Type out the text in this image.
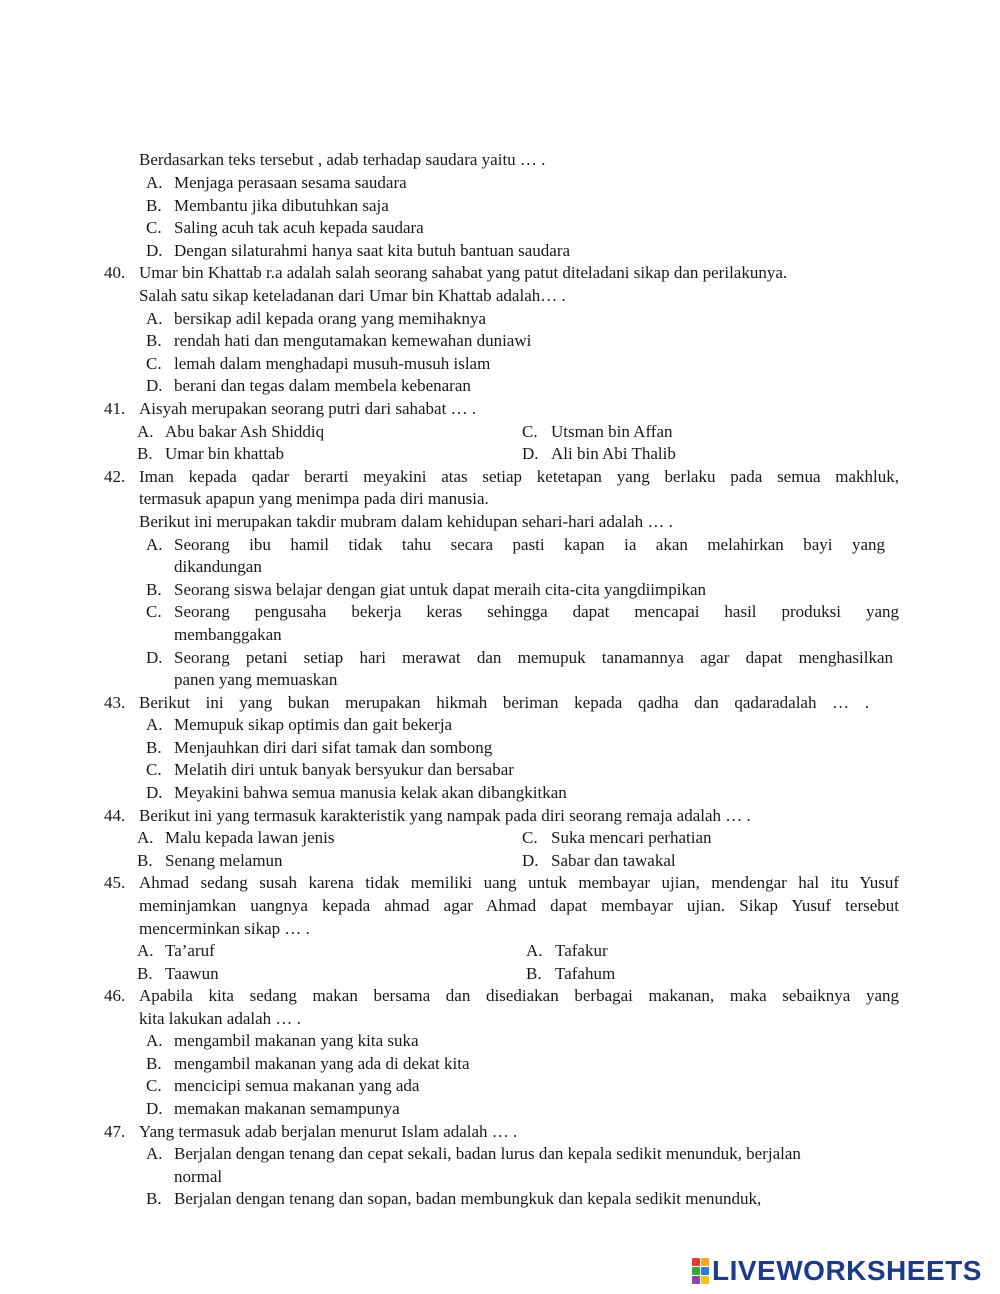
Berdasarkan teks tersebut , adab terhadap saudara yaitu … .
A. Menjaga perasaan sesama saudara
B. Membantu jika dibutuhkan saja
C. Saling acuh tak acuh kepada saudara
D. Dengan silaturahmi hanya saat kita butuh bantuan saudara
40. Umar bin Khattab r.a adalah salah seorang sahabat yang patut diteladani sikap dan perilakunya.
Salah satu sikap keteladanan dari Umar bin Khattab adalah… .
A. bersikap adil kepada orang yang memihaknya
B. rendah hati dan mengutamakan kemewahan duniawi
C. lemah dalam menghadapi musuh-musuh islam
D. berani dan tegas dalam membela kebenaran
41. Aisyah merupakan seorang putri dari sahabat … .
A. Abu bakar Ash Shiddiq	C. Utsman bin Affan
B. Umar bin khattab	D. Ali bin Abi Thalib
42. Iman kepada qadar berarti meyakini atas setiap ketetapan yang berlaku pada semua makhluk,
termasuk apapun yang menimpa pada diri manusia.
Berikut ini merupakan takdir mubram dalam kehidupan sehari-hari adalah … .
A. Seorang ibu hamil tidak tahu secara pasti kapan ia akan melahirkan bayi yang
dikandungan
B. Seorang siswa belajar dengan giat untuk dapat meraih cita-cita yangdiimpikan
C. Seorang pengusaha bekerja keras sehingga dapat mencapai hasil produksi yang
membanggakan
D. Seorang petani setiap hari merawat dan memupuk tanamannya agar dapat menghasilkan
panen yang memuaskan
43. Berikut ini yang bukan merupakan hikmah beriman kepada qadha dan qadaradalah … .
A. Memupuk sikap optimis dan gait bekerja
B. Menjauhkan diri dari sifat tamak dan sombong
C. Melatih diri untuk banyak bersyukur dan bersabar
D. Meyakini bahwa semua manusia kelak akan dibangkitkan
44. Berikut ini yang termasuk karakteristik yang nampak pada diri seorang remaja adalah … .
A. Malu kepada lawan jenis	C. Suka mencari perhatian
B. Senang melamun	D. Sabar dan tawakal
45. Ahmad sedang susah karena tidak memiliki uang untuk membayar ujian, mendengar hal itu Yusuf
meminjamkan uangnya kepada ahmad agar Ahmad dapat membayar ujian. Sikap Yusuf tersebut
mencerminkan sikap … .
A. Ta’aruf	A. Tafakur
B. Taawun	B. Tafahum
46. Apabila kita sedang makan bersama dan disediakan berbagai makanan, maka sebaiknya yang
kita lakukan adalah … .
A. mengambil makanan yang kita suka
B. mengambil makanan yang ada di dekat kita
C. mencicipi semua makanan yang ada
D. memakan makanan semampunya
47. Yang termasuk adab berjalan menurut Islam adalah … .
A. Berjalan dengan tenang dan cepat sekali, badan lurus dan kepala sedikit menunduk, berjalan
normal
B. Berjalan dengan tenang dan sopan, badan membungkuk dan kepala sedikit menunduk,
LIVEWORKSHEETS
